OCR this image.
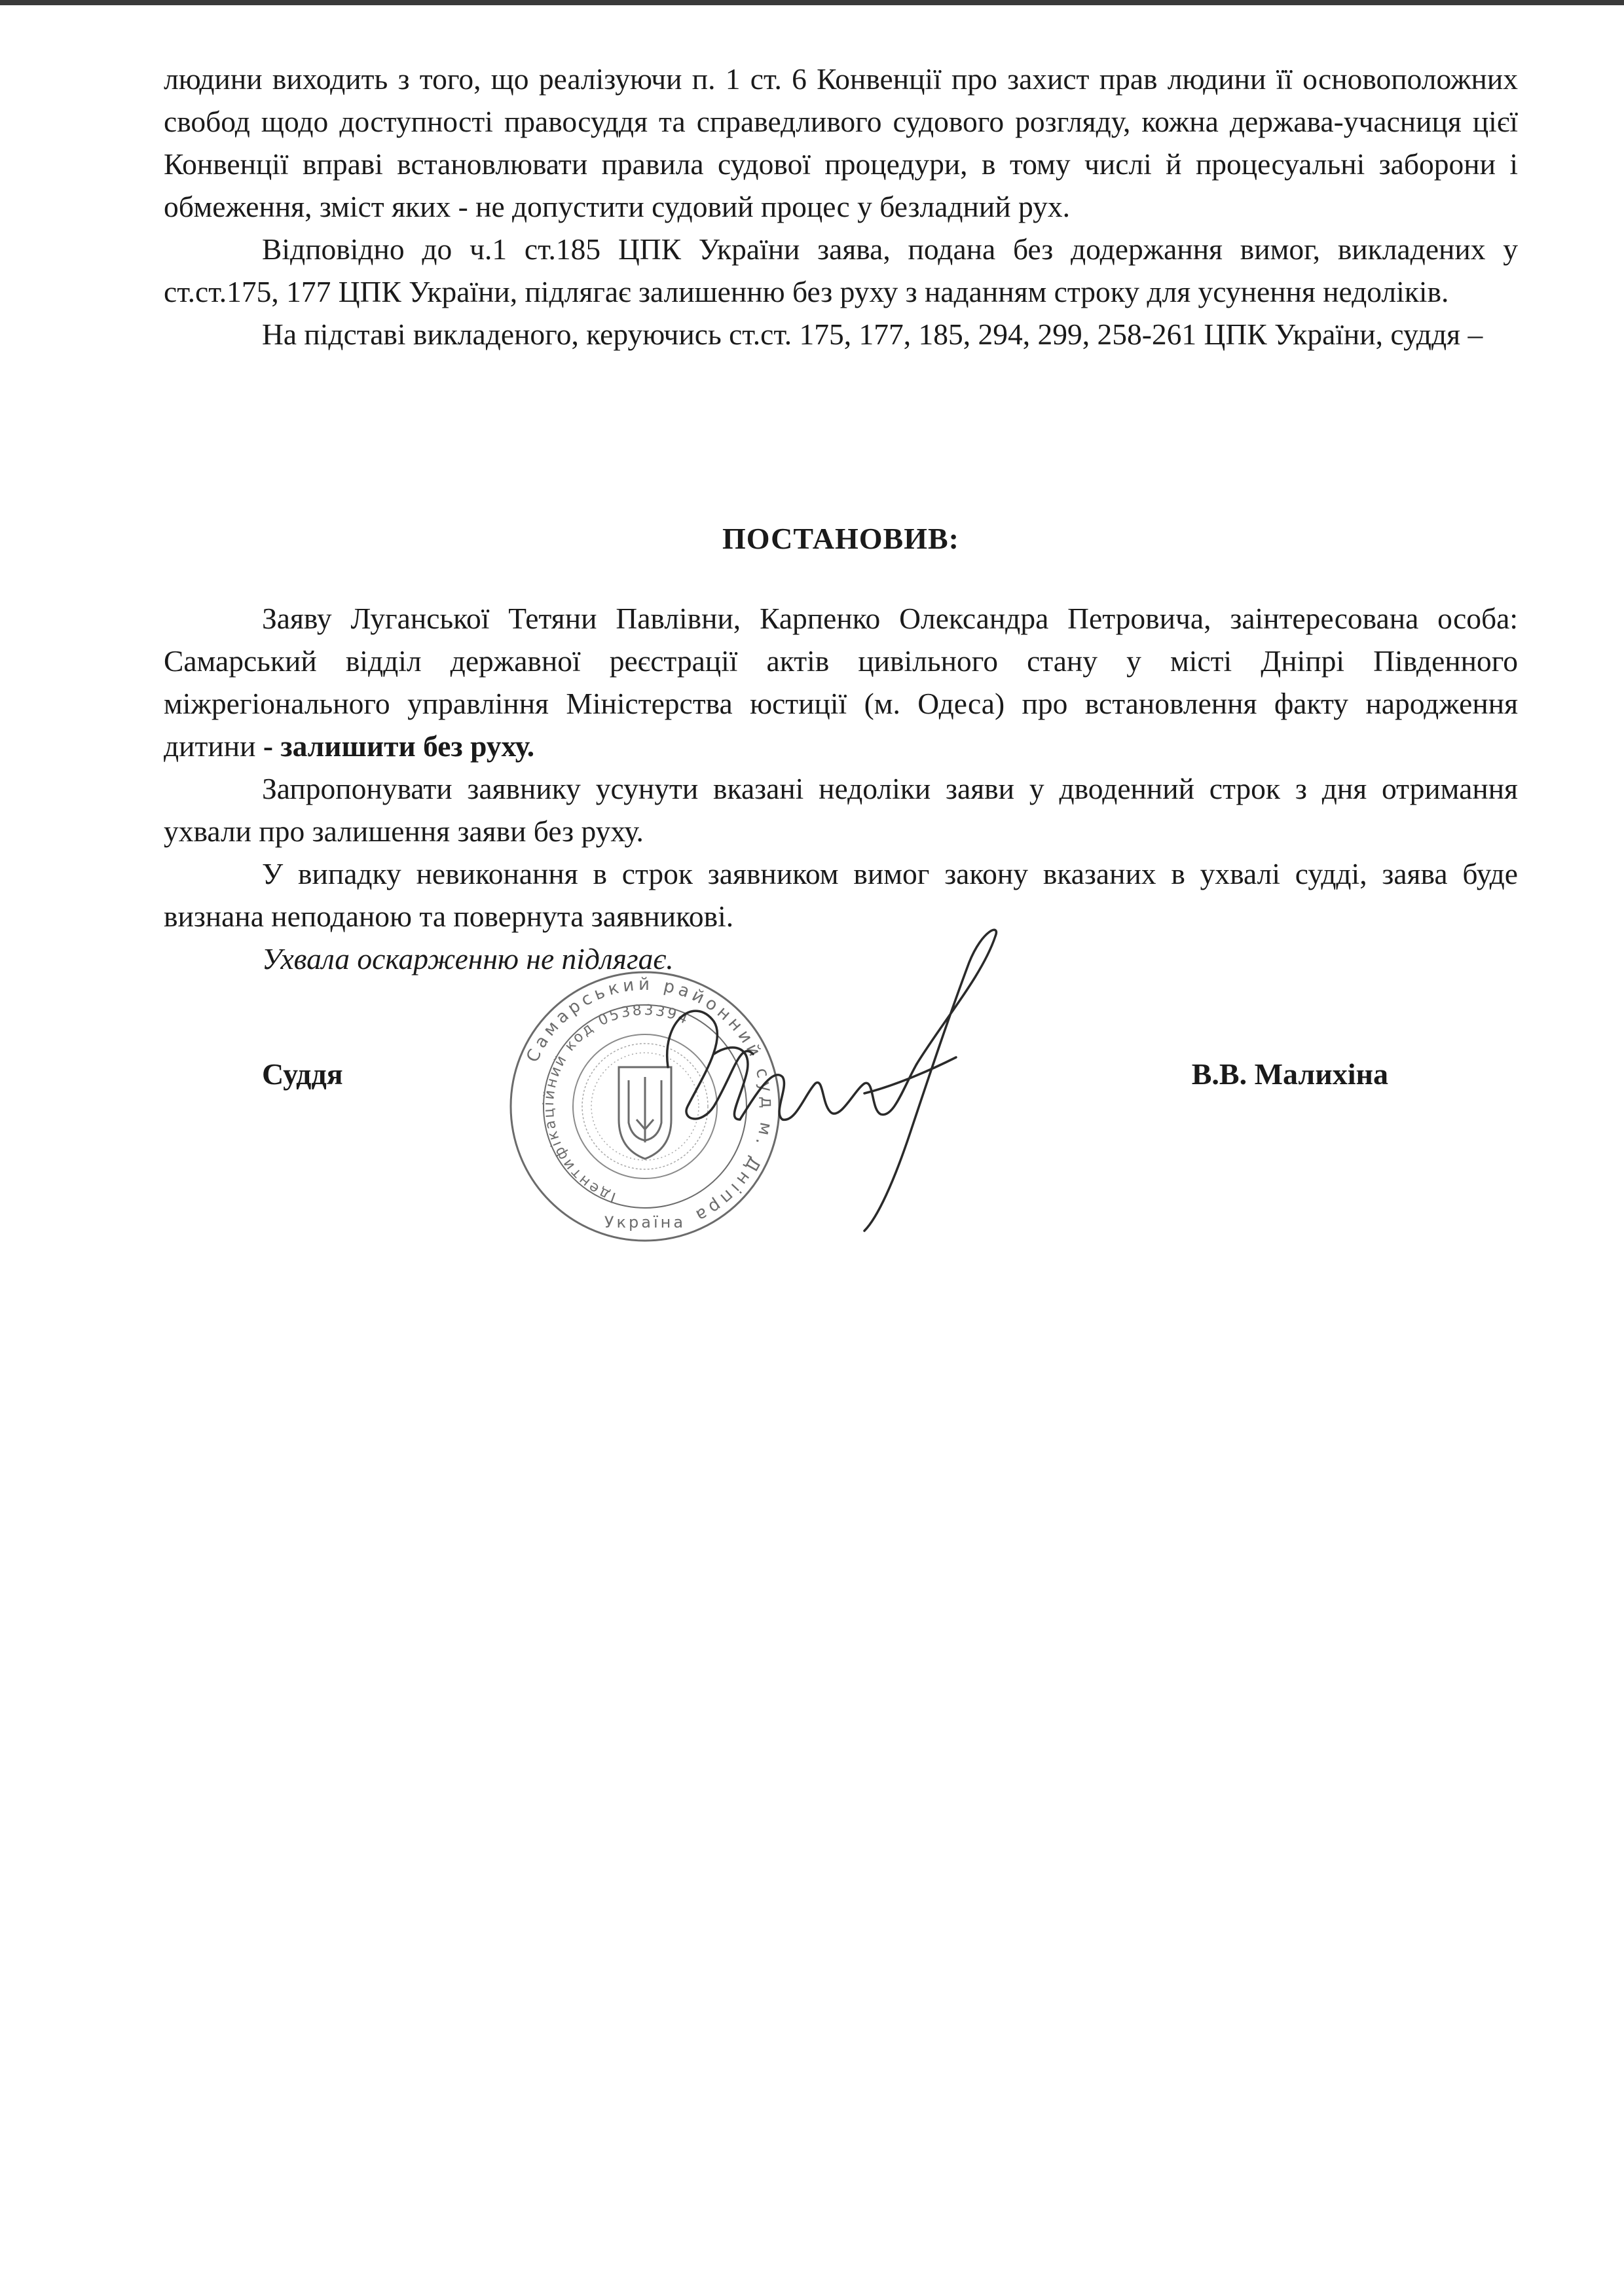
людини виходить з того, що реалізуючи п. 1 ст. 6 Конвенції про захист прав людини її основоположних свобод щодо доступності правосуддя та справедливого судового розгляду, кожна держава-учасниця цієї Конвенції вправі встановлювати правила судової процедури, в тому числі й процесуальні заборони і обмеження, зміст яких - не допустити судовий процес у безладний рух.

Відповідно до ч.1 ст.185 ЦПК України заява, подана без додержання вимог, викладених у ст.ст.175, 177 ЦПК України, підлягає залишенню без руху з наданням строку для усунення недоліків.

На підставі викладеного, керуючись ст.ст. 175, 177, 185, 294, 299, 258-261 ЦПК України, суддя –

ПОСТАНОВИВ:

Заяву Луганської Тетяни Павлівни, Карпенко Олександра Петровича, заінтересована особа: Самарський відділ державної реєстрації актів цивільного стану у місті Дніпрі Південного міжрегіонального управління Міністерства юстиції (м. Одеса) про встановлення факту народження дитини - залишити без руху.

Запропонувати заявнику усунути вказані недоліки заяви у дводенний строк з дня отримання ухвали про залишення заяви без руху.

У випадку невиконання в строк заявником вимог закону вказаних в ухвалі судді, заява буде визнана неподаною та повернута заявникові.

Ухвала оскарженню не підлягає.

Суддя	В.В. Малихіна
Самарський районний суд м. Дніпра
Ідентифікаційний код 05383394
Україна
